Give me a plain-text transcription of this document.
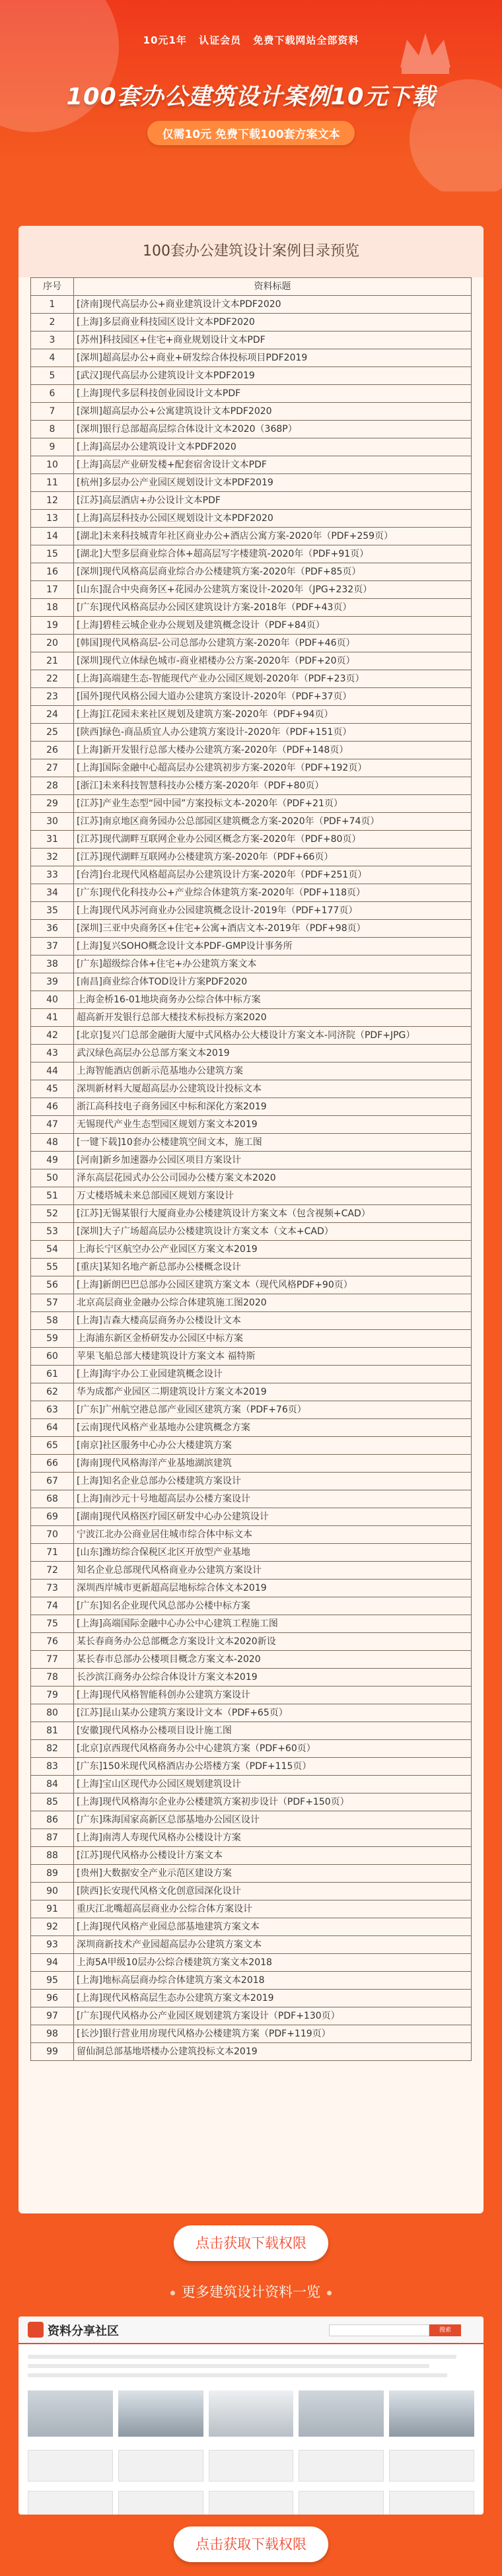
10元1年 认证会员 免费下载网站全部资料
100套办公建筑设计案例10元下载
仅需10元 免费下载100套方案文本
100套办公建筑设计案例目录预览
序号	资料标题
1	[济南]现代高层办公+商业建筑设计文本PDF2020
2	[上海]多层商业科技园区设计文本PDF2020
3	[苏州]科技园区+住宅+商业规划设计文本PDF
4	[深圳]超高层办公+商业+研发综合体投标项目PDF2019
5	[武汉]现代高层办公建筑设计文本PDF2019
6	[上海]现代多层科技创业园设计文本PDF
7	[深圳]超高层办公+公寓建筑设计文本PDF2020
8	[深圳]银行总部超高层综合体设计文本2020（368P）
9	[上海]高层办公建筑设计文本PDF2020
10	[上海]高层产业研发楼+配套宿舍设计文本PDF
11	[杭州]多层办公产业园区规划设计文本PDF2019
12	[江苏]高层酒店+办公设计文本PDF
13	[上海]高层科技办公园区规划设计文本PDF2020
14	[湖北]未来科技城青年社区商业办公+酒店公寓方案-2020年（PDF+259页）
15	[湖北]大型多层商业综合体+超高层写字楼建筑-2020年（PDF+91页）
16	[深圳]现代风格高层商业综合办公楼建筑方案-2020年（PDF+85页）
17	[山东]混合中央商务区+花园办公建筑方案设计-2020年（JPG+232页）
18	[广东]现代风格高层办公园区建筑设计方案-2018年（PDF+43页）
19	[上海]碧桂云城企业办公规划及建筑概念设计（PDF+84页）
20	[韩国]现代风格高层-公司总部办公建筑方案-2020年（PDF+46页）
21	[深圳]现代立体绿色城市-商业裙楼办公方案-2020年（PDF+20页）
22	[上海]高端建生态-智能现代产业办公园区规划-2020年（PDF+23页）
23	[国外]现代风格公园大道办公建筑方案设计-2020年（PDF+37页）
24	[上海]江花园未来社区规划及建筑方案-2020年（PDF+94页）
25	[陕西]绿色-商品质宜人办公建筑方案设计-2020年（PDF+151页）
26	[上海]新开发银行总部大楼办公建筑方案-2020年（PDF+148页）
27	[上海]国际金融中心超高层办公建筑初步方案-2020年（PDF+192页）
28	[浙江]未来科技智慧科技办公楼方案-2020年（PDF+80页）
29	[江苏]产业生态型“园中园”方案投标文本-2020年（PDF+21页）
30	[江苏]南京地区商务园办公总部园区建筑概念方案-2020年（PDF+74页）
31	[江苏]现代湖畔互联网企业办公园区概念方案-2020年（PDF+80页）
32	[江苏]现代湖畔互联网办公楼建筑方案-2020年（PDF+66页）
33	[台湾]台北现代风格超高层办公建筑设计方案-2020年（PDF+251页）
34	[广东]现代化科技办公+产业综合体建筑方案-2020年（PDF+118页）
35	[上海]现代风苏河商业办公园建筑概念设计-2019年（PDF+177页）
36	[深圳]三亚中央商务区+住宅+公寓+酒店文本-2019年（PDF+98页）
37	[上海]复兴SOHO概念设计文本PDF-GMP设计事务所
38	[广东]超级综合体+住宅+办公建筑方案文本
39	[南昌]商业综合体TOD设计方案PDF2020
40	上海金桥16-01地块商务办公综合体中标方案
41	超高新开发银行总部大楼技术标投标方案2020
42	[北京]复兴门总部金融街大厦中式风格办公大楼设计方案文本-同济院（PDF+JPG）
43	武汉绿色高层办公总部方案文本2019
44	上海智能酒店创新示范基地办公建筑方案
45	深圳新材料大厦超高层办公建筑设计投标文本
46	浙江高科技电子商务园区中标和深化方案2019
47	无锡现代产业生态型园区规划方案文本2019
48	[一键下载]10套办公楼建筑空间文本，施工图
49	[河南]新乡加速器办公园区项目方案设计
50	泽东高层花园式办公公司园办公楼方案文本2020
51	万丈楼塔城未来总部园区规划方案设计
52	[江苏]无锡某银行大厦商业办公楼建筑设计方案文本（包含视频+CAD）
53	[深圳]大子广场超高层办公楼建筑设计方案文本（文本+CAD）
54	上海长宁区航空办公产业园区方案文本2019
55	[重庆]某知名地产新总部办公楼概念设计
56	[上海]新朗巴巴总部办公园区建筑方案文本（现代风格PDF+90页）
57	北京高层商业金融办公综合体建筑施工图2020
58	[上海]吉森大楼高层商务办公楼设计文本
59	上海浦东新区金桥研发办公园区中标方案
60	苹果飞船总部大楼建筑设计方案文本 福特斯
61	[上海]海宇办公工业园建筑概念设计
62	华为成都产业园区二期建筑设计方案文本2019
63	[广东]广州航空港总部产业园区建筑方案（PDF+76页）
64	[云南]现代风格产业基地办公建筑概念方案
65	[南京]社区服务中心办公大楼建筑方案
66	[海南]现代风格海洋产业基地湖滨建筑
67	[上海]知名企业总部办公楼建筑方案设计
68	[上海]南沙元十号地超高层办公楼方案设计
69	[湖南]现代风格医疗园区研发中心办公建筑设计
70	宁波江北办公商业居住城市综合体中标文本
71	[山东]潍坊综合保税区北区开放型产业基地
72	知名企业总部现代风格商业办公建筑方案设计
73	深圳西岸城市更新超高层地标综合体文本2019
74	[广东]知名企业现代风总部办公楼中标方案
75	[上海]高端国际金融中心办公中心建筑工程施工图
76	某长春商务办公总部概念方案设计文本2020新设
77	某长春市总部办公楼项目概念方案文本-2020
78	长沙滨江商务办公综合体设计方案文本2019
79	[上海]现代风格智能科创办公建筑方案设计
80	[江苏]昆山某办公建筑方案设计文本（PDF+65页）
81	[安徽]现代风格办公楼项目设计施工图
82	[北京]京西现代风格商务办公中心建筑方案（PDF+60页）
83	[广东]150米现代风格酒店办公塔楼方案（PDF+115页）
84	[上海]宝山区现代办公园区规划建筑设计
85	[上海]现代风格海尔企业办公楼建筑方案初步设计（PDF+150页）
86	[广东]珠海国家高新区总部基地办公园区设计
87	[上海]南湾人寿现代风格办公楼设计方案
88	[江苏]现代风格办公楼设计方案文本
89	[贵州]大数据安全产业示范区建设方案
90	[陕西]长安现代风格文化创意园深化设计
91	重庆江北嘴超高层商业办公综合体方案设计
92	[上海]现代风格产业园总部基地建筑方案文本
93	深圳商新技术产业园超高层办公建筑方案文本
94	上海5A甲级10层办公综合楼建筑方案文本2018
95	[上海]地标高层商办综合体建筑方案文本2018
96	[上海]现代风格高层生态办公建筑方案文本2019
97	[广东]现代风格办公产业园区规划建筑方案设计（PDF+130页）
98	[长沙]银行营业用房现代风格办公楼建筑方案（PDF+119页）
99	留仙洞总部基地塔楼办公建筑投标文本2019
点击获取下载权限
更多建筑设计资料一览
资料分享社区	搜索
点击获取下载权限
